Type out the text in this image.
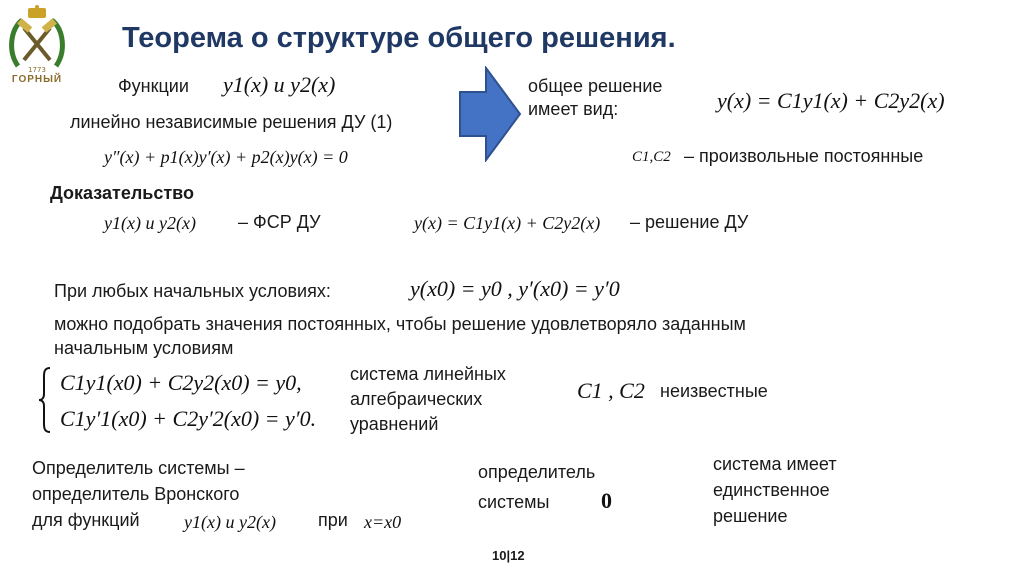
1773
ГОРНЫЙ
Теорема о структуре общего решения.
Функции y1(x) и y2(x)
линейно независимые решения ДУ (1)
y″(x) + p1(x)y′(x) + p2(x)y(x) = 0
общее решение
имеет вид:	y(x) = C1y1(x) + C2y2(x)
C1,C2 – произвольные постоянные
Доказательство
y1(x) и y2(x) – ФСР ДУ	y(x) = C1y1(x) + C2y2(x) – решение ДУ
При любых начальных условиях:	y(x0) = y0 , y′(x0) = y′0
можно подобрать значения постоянных, чтобы решение удовлетворяло заданным
начальным условиям
C1y1(x0) + C2y2(x0) = y0,
C1y′1(x0) + C2y′2(x0) = y′0.
система линейных
алгебраических
уравнений
C1 , C2 неизвестные
Определитель системы –
определитель Вронского
для функций y1(x) и y2(x) при x=x0
определитель
системы 0
система имеет
единственное
решение
10|12
